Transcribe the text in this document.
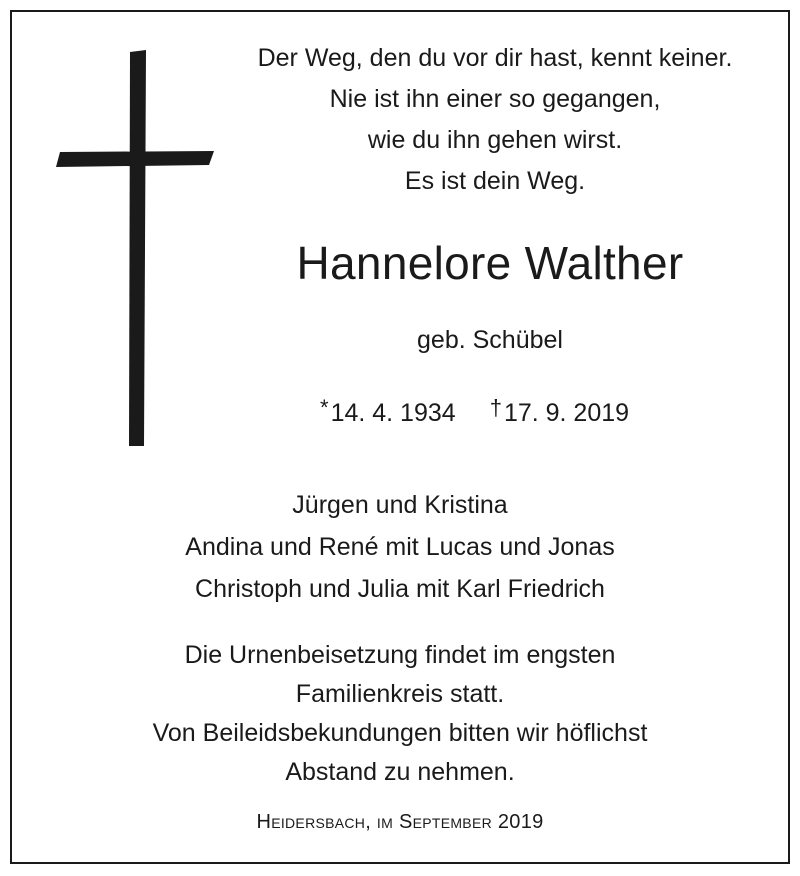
Der Weg, den du vor dir hast, kennt keiner.
Nie ist ihn einer so gegangen,
wie du ihn gehen wirst.
Es ist dein Weg.
Hannelore Walther
geb. Schübel
*14. 4. 1934 †17. 9. 2019
Jürgen und Kristina
Andina und René mit Lucas und Jonas
Christoph und Julia mit Karl Friedrich
Die Urnenbeisetzung findet im engsten
Familienkreis statt.
Von Beileidsbekundungen bitten wir höflichst
Abstand zu nehmen.
Heidersbach, im September 2019
